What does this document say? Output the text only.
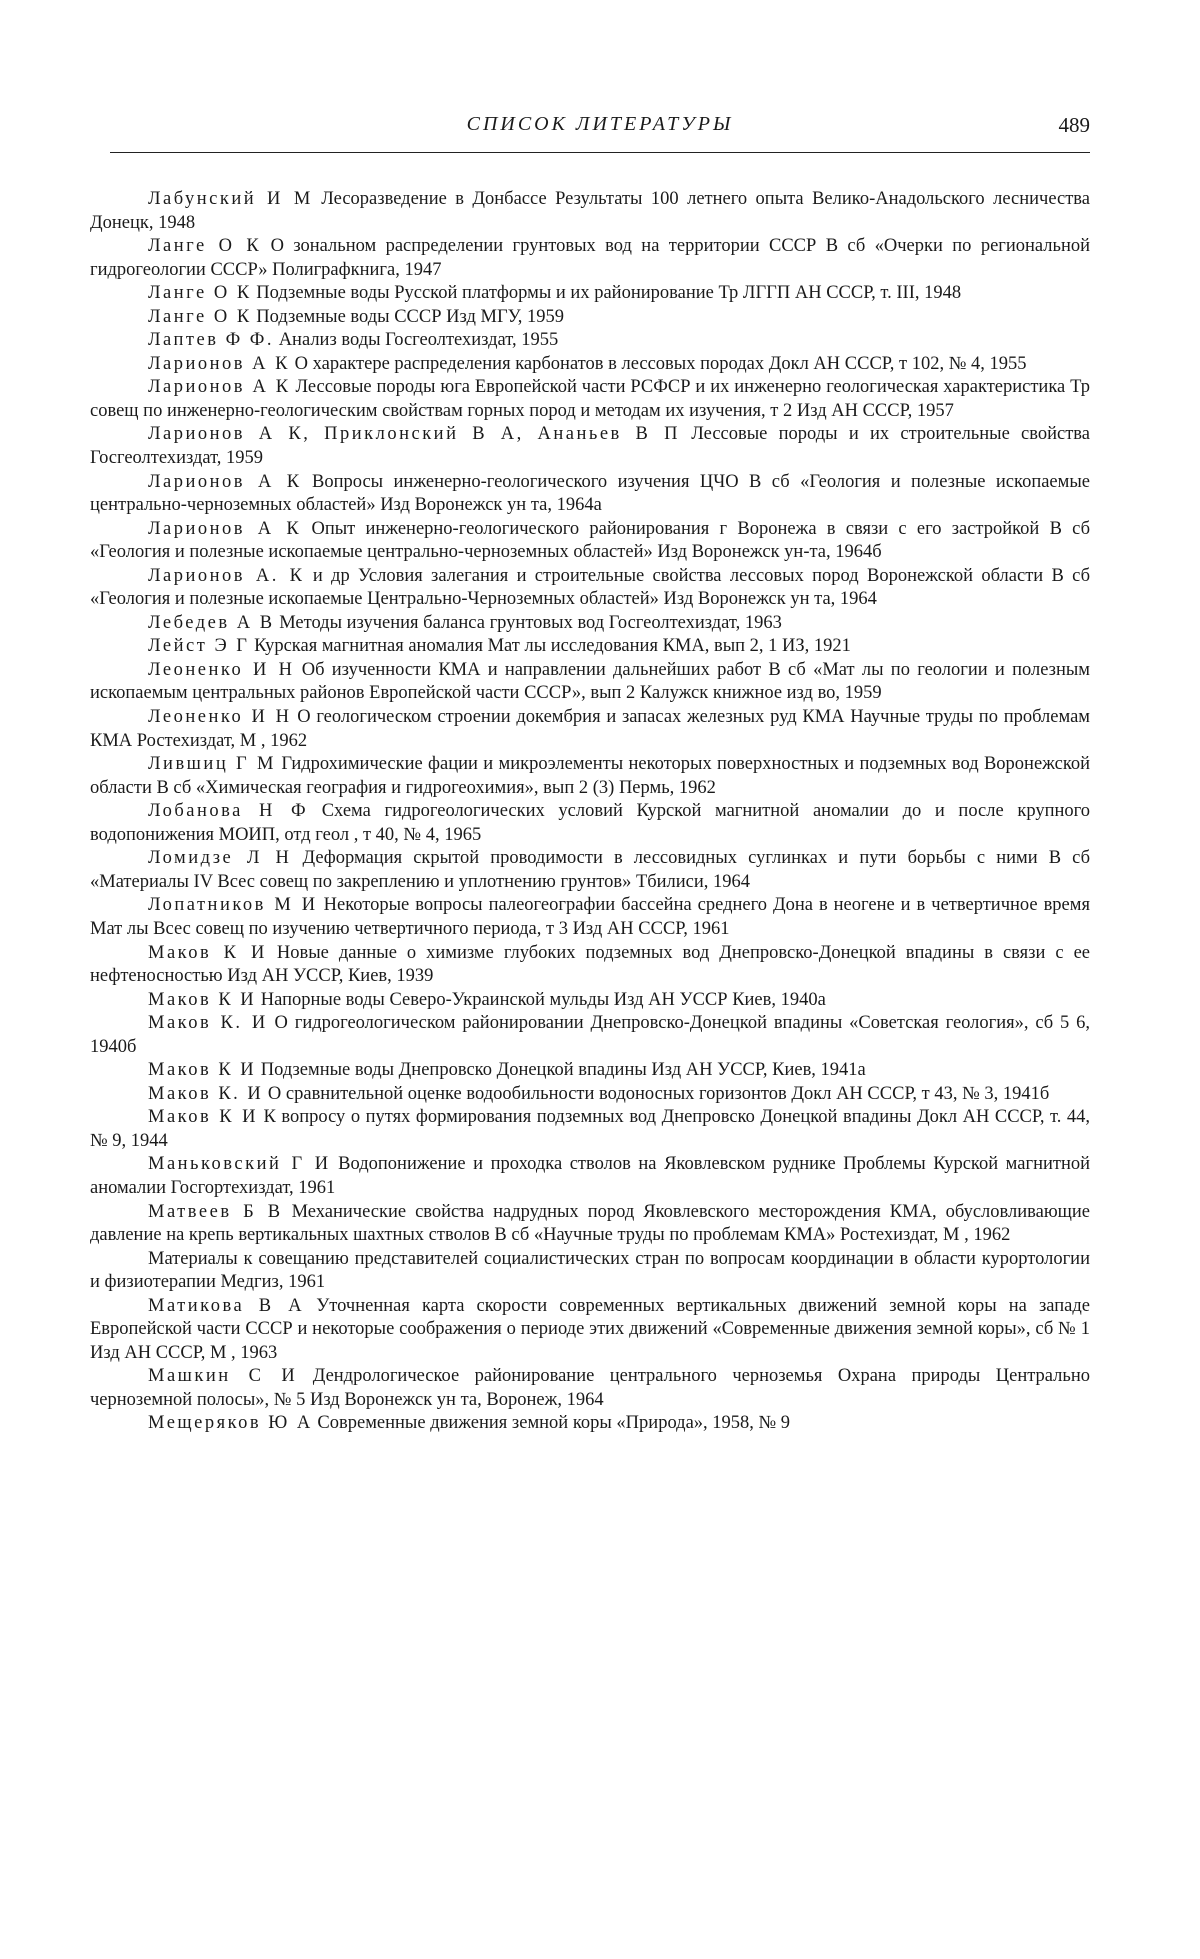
СПИСОК ЛИТЕРАТУРЫ	489
Лабунский И М Лесоразведение в Донбассе Результаты 100 летнего опыта Велико-Анадольского лесничества Донецк, 1948
Ланге О К О зональном распределении грунтовых вод на территории СССР В сб «Очерки по региональной гидрогеологии СССР» Полиграфкнига, 1947
Ланге О К Подземные воды Русской платформы и их районирование Тр ЛГГП АН СССР, т. III, 1948
Ланге О К Подземные воды СССР Изд МГУ, 1959
Лаптев Ф Ф. Анализ воды Госгеолтехиздат, 1955
Ларионов А К О характере распределения карбонатов в лессовых породах Докл АН СССР, т 102, № 4, 1955
Ларионов А К Лессовые породы юга Европейской части РСФСР и их инженерно геологическая характеристика Тр совещ по инженерно-геологическим свойствам горных пород и методам их изучения, т 2 Изд АН СССР, 1957
Ларионов А К, Приклонский В А, Ананьев В П Лессовые породы и их строительные свойства Госгеолтехиздат, 1959
Ларионов А К Вопросы инженерно-геологического изучения ЦЧО В сб «Геология и полезные ископаемые центрально-черноземных областей» Изд Воронежск ун та, 1964а
Ларионов А К Опыт инженерно-геологического районирования г Воронежа в связи с его застройкой В сб «Геология и полезные ископаемые центрально-черноземных областей» Изд Воронежск ун-та, 1964б
Ларионов А. К и др Условия залегания и строительные свойства лессовых пород Воронежской области В сб «Геология и полезные ископаемые Центрально-Черноземных областей» Изд Воронежск ун та, 1964
Лебедев А В Методы изучения баланса грунтовых вод Госгеолтехиздат, 1963
Лейст Э Г Курская магнитная аномалия Мат лы исследования КМА, вып 2, 1 ИЗ, 1921
Леоненко И Н Об изученности КМА и направлении дальнейших работ В сб «Мат лы по геологии и полезным ископаемым центральных районов Европейской части СССР», вып 2 Калужск книжное изд во, 1959
Леоненко И Н О геологическом строении докембрия и запасах железных руд КМА Научные труды по проблемам КМА Ростехиздат, М , 1962
Лившиц Г М Гидрохимические фации и микроэлементы некоторых поверхностных и подземных вод Воронежской области В сб «Химическая география и гидрогеохимия», вып 2 (3) Пермь, 1962
Лобанова Н Ф Схема гидрогеологических условий Курской магнитной аномалии до и после крупного водопонижения МОИП, отд геол , т 40, № 4, 1965
Ломидзе Л Н Деформация скрытой проводимости в лессовидных суглинках и пути борьбы с ними В сб «Материалы IV Всес совещ по закреплению и уплотнению грунтов» Тбилиси, 1964
Лопатников М И Некоторые вопросы палеогеографии бассейна среднего Дона в неогене и в четвертичное время Мат лы Всес совещ по изучению четвертичного периода, т 3 Изд АН СССР, 1961
Маков К И Новые данные о химизме глубоких подземных вод Днепровско-Донецкой впадины в связи с ее нефтеносностью Изд АН УССР, Киев, 1939
Маков К И Напорные воды Северо-Украинской мульды Изд АН УССР Киев, 1940а
Маков К. И О гидрогеологическом районировании Днепровско-Донецкой впадины «Советская геология», сб 5 6, 1940б
Маков К И Подземные воды Днепровско Донецкой впадины Изд АН УССР, Киев, 1941а
Маков К. И О сравнительной оценке водообильности водоносных горизонтов Докл АН СССР, т 43, № 3, 1941б
Маков К И К вопросу о путях формирования подземных вод Днепровско Донецкой впадины Докл АН СССР, т. 44, № 9, 1944
Маньковский Г И Водопонижение и проходка стволов на Яковлевском руднике Проблемы Курской магнитной аномалии Госгортехиздат, 1961
Матвеев Б В Механические свойства надрудных пород Яковлевского месторождения КМА, обусловливающие давление на крепь вертикальных шахтных стволов В сб «Научные труды по проблемам КМА» Ростехиздат, М , 1962
Материалы к совещанию представителей социалистических стран по вопросам координации в области курортологии и физиотерапии Медгиз, 1961
Матикова В А Уточненная карта скорости современных вертикальных движений земной коры на западе Европейской части СССР и некоторые соображения о периоде этих движений «Современные движения земной коры», сб № 1 Изд АН СССР, М , 1963
Машкин С И Дендрологическое районирование центрального черноземья Охрана природы Центрально черноземной полосы», № 5 Изд Воронежск ун та, Воронеж, 1964
Мещеряков Ю А Современные движения земной коры «Природа», 1958, № 9
